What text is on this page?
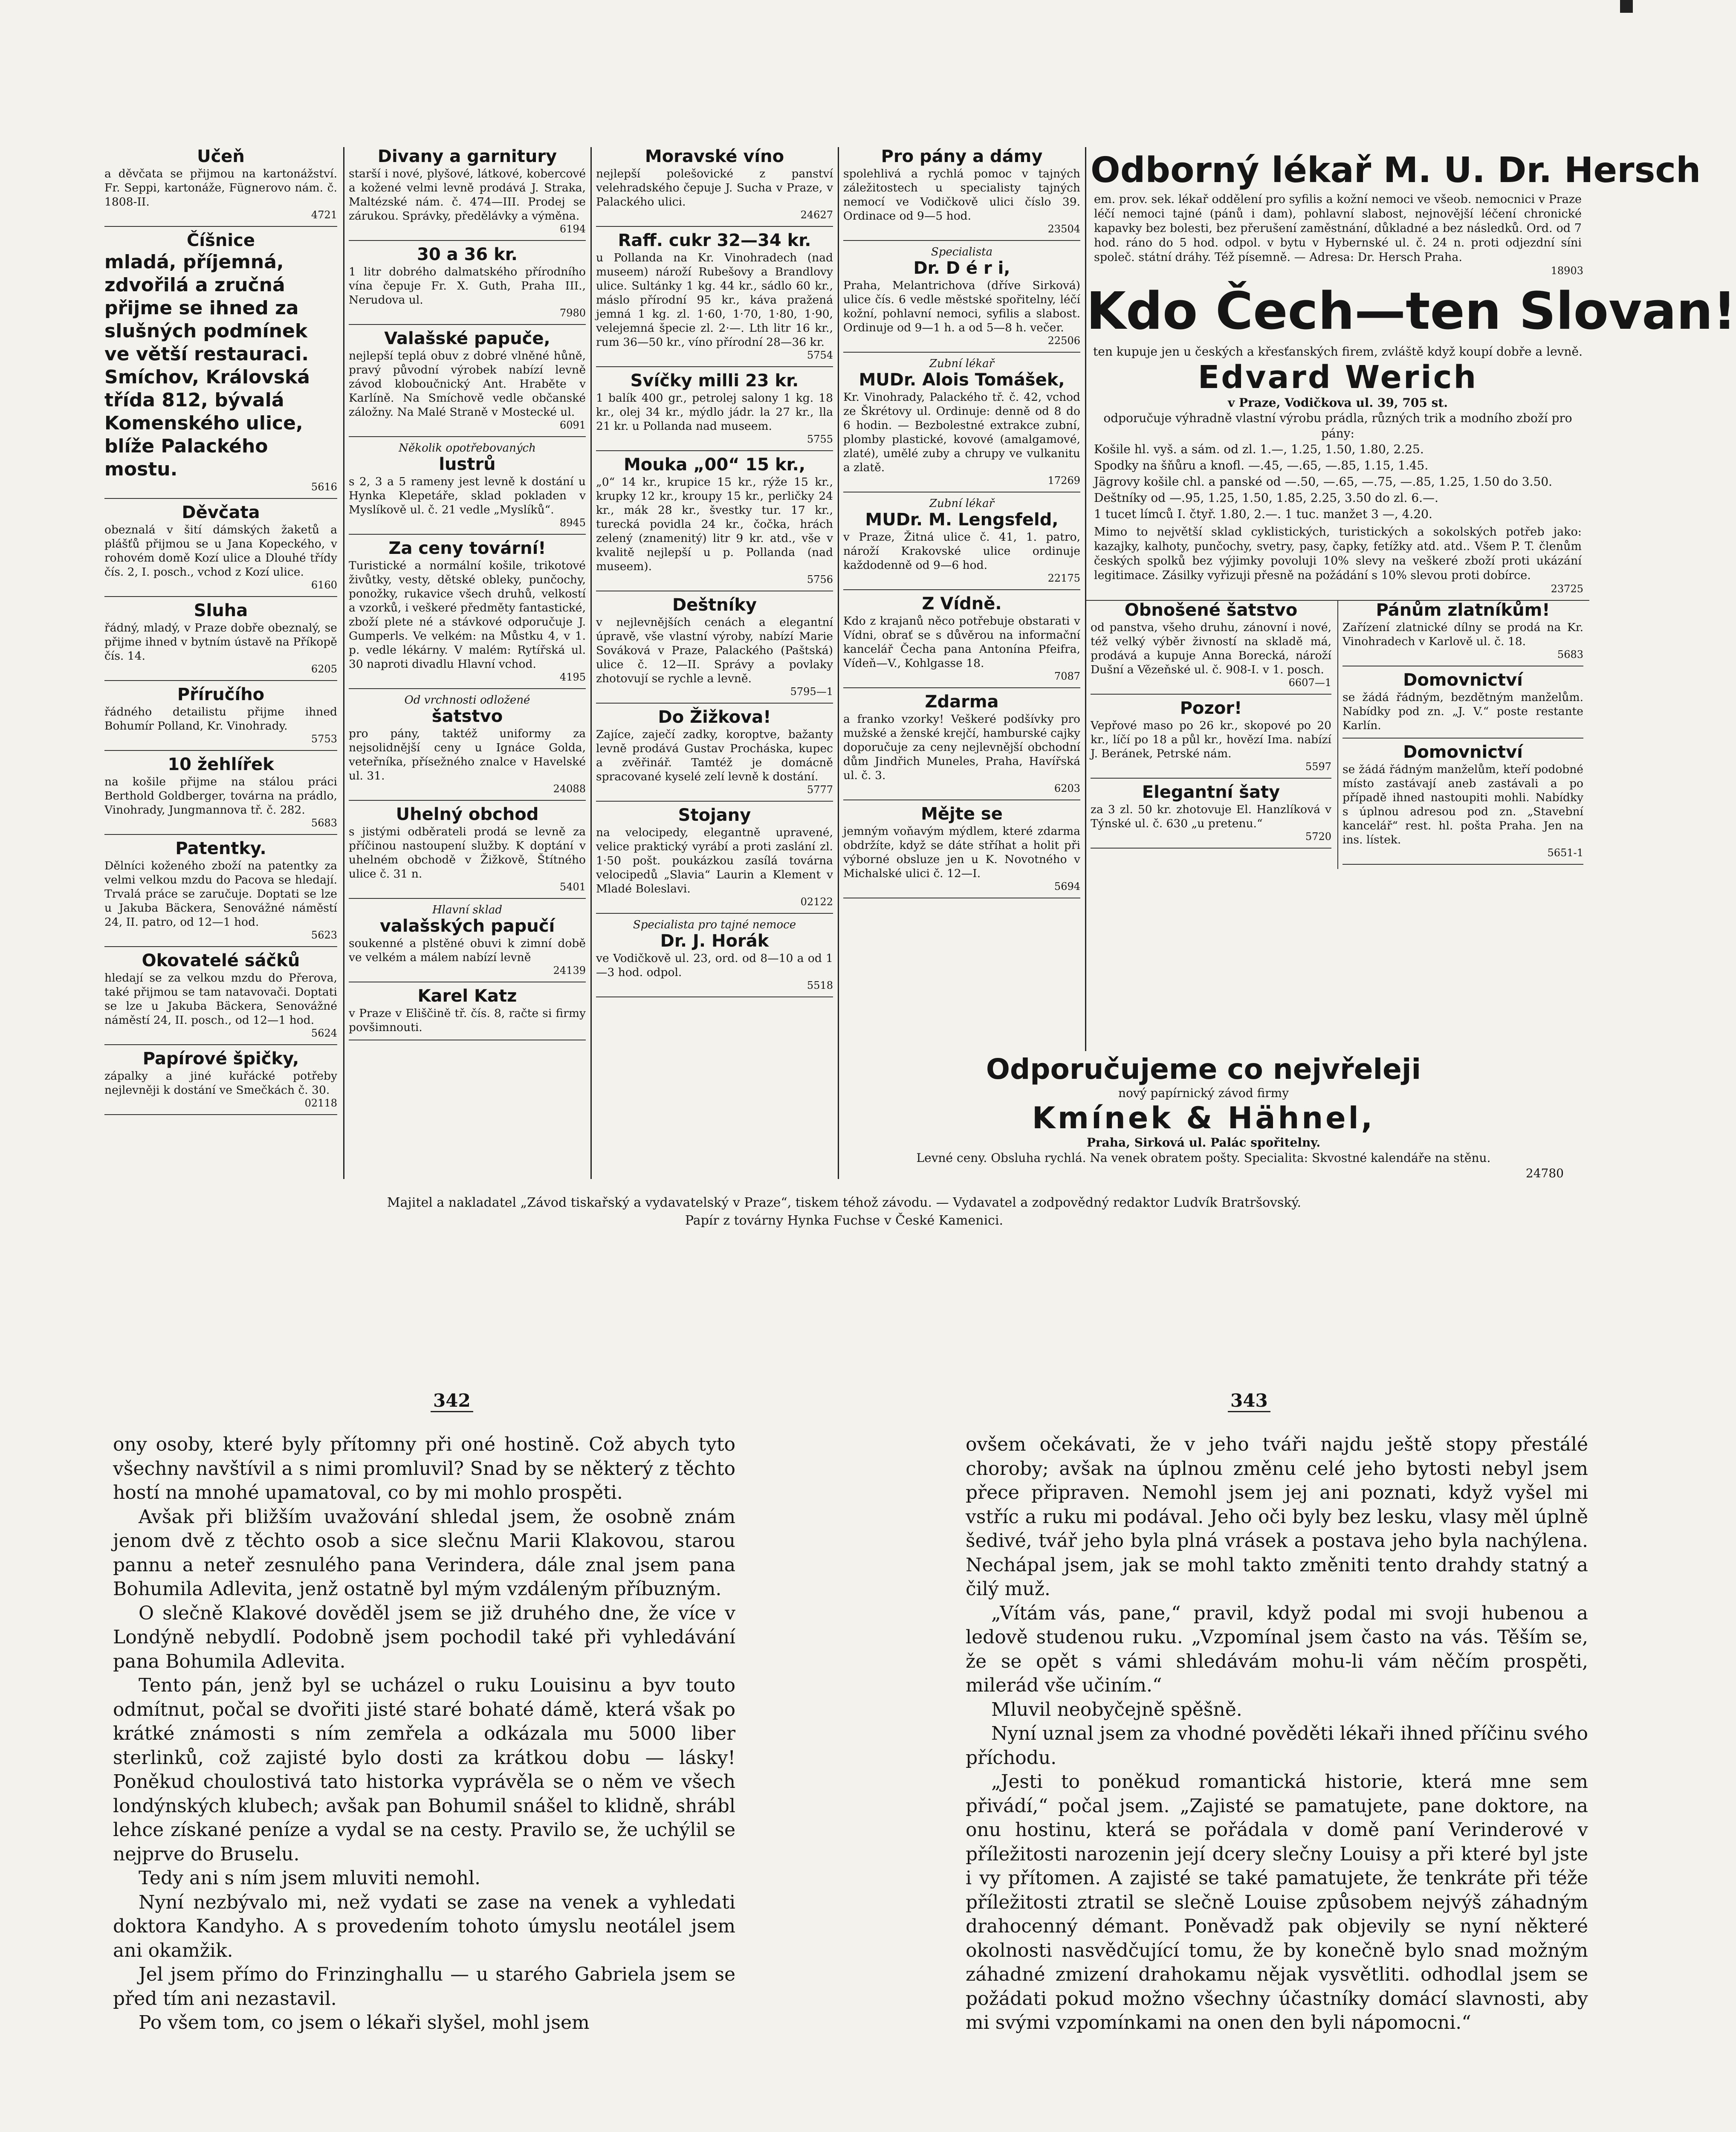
Učeň
a děvčata se přijmou na kartonážství. Fr. Seppi, kartonáže, Fügnerovo nám. č. 1808-II.
4721
Číšnice
mladá, příjemná, zdvořilá a zručná přijme se ihned za slušných podmínek ve větší restauraci. Smíchov, Královská třída 812, bývalá Komenského ulice, blíže Palackého mostu.
5616
Děvčata
obeznalá v šití dámských žaketů a plášťů přijmou se u Jana Kopeckého, v rohovém domě Kozí ulice a Dlouhé třídy čís. 2, I. posch., vchod z Kozí ulice.
6160
Sluha
řádný, mladý, v Praze dobře obeznalý, se přijme ihned v bytním ústavě na Příkopě čís. 14.
6205
Příručího
řádného detailistu přijme ihned Bohumír Polland, Kr. Vinohrady.
5753
10 žehlířek
na košile přijme na stálou práci Berthold Goldberger, továrna na prádlo, Vinohrady, Jungmannova tř. č. 282.
5683
Patentky.
Dělníci koženého zboží na patentky za velmi velkou mzdu do Pacova se hledají. Trvalá práce se zaručuje. Doptati se lze u Jakuba Bäckera, Senovážné náměstí 24, II. patro, od 12—1 hod.
5623
Okovatelé sáčků
hledají se za velkou mzdu do Přerova, také přijmou se tam natavovači. Doptati se lze u Jakuba Bäckera, Senovážné náměstí 24, II. posch., od 12—1 hod.
5624
Papírové špičky,
zápalky a jiné kuřácké potřeby nejlevněji k dostání ve Smečkách č. 30.
02118
Divany a garnitury
starší i nové, plyšové, látkové, kobercové a kožené velmi levně prodává J. Straka, Maltézské nám. č. 474—III. Prodej se zárukou. Správky, předělávky a výměna.
6194
30 a 36 kr.
1 litr dobrého dalmatského přírodního vína čepuje Fr. X. Guth, Praha III., Nerudova ul.
7980
Valašské papuče,
nejlepší teplá obuv z dobré vlněné hůně, pravý původní výrobek nabízí levně závod kloboučnický Ant. Hraběte v Karlíně. Na Smíchově vedle občanské záložny. Na Malé Straně v Mostecké ul.
6091
Několik opotřebovaných
lustrů
s 2, 3 a 5 rameny jest levně k dostání u Hynka Klepetáře, sklad pokladen v Myslíkově ul. č. 21 vedle „Myslíků“.
8945
Za ceny tovární!
Turistické a normální košile, trikotové živůtky, vesty, dětské obleky, punčochy, ponožky, rukavice všech druhů, velkostí a vzorků, i veškeré předměty fantastické, zboží plete né a stávkové odporučuje J. Gumperls. Ve velkém: na Můstku 4, v 1. p. vedle lékárny. V malém: Rytířská ul. 30 naproti divadlu Hlavní vchod.
4195
Od vrchnosti odložené
šatstvo
pro pány, taktéž uniformy za nejsolidnější ceny u Ignáce Golda, veteřníka, přísežného znalce v Havelské ul. 31.
24088
Uhelný obchod
s jistými odběrateli prodá se levně za příčinou nastoupení služby. K doptání v uhelném obchodě v Žižkově, Štítného ulice č. 31 n.
5401
Hlavní sklad
valašských papučí
soukenné a plstěné obuvi k zimní době ve velkém a málem nabízí levně
24139
Karel Katz
v Praze v Eliščině tř. čís. 8, račte si firmy povšimnouti.
Moravské víno
nejlepší polešovické z panství velehradského čepuje J. Sucha v Praze, v Palackého ulici.
24627
Raff. cukr 32—34 kr.
u Pollanda na Kr. Vinohradech (nad museem) nároží Rubešovy a Brandlovy ulice. Sultánky 1 kg. 44 kr., sádlo 60 kr., máslo přírodní 95 kr., káva pražená jemná 1 kg. zl. 1·60, 1·70, 1·80, 1·90, velejemná špecie zl. 2·—. Lth litr 16 kr., rum 36—50 kr., víno přírodní 28—36 kr.
5754
Svíčky milli 23 kr.
1 balík 400 gr., petrolej salony 1 kg. 18 kr., olej 34 kr., mýdlo jádr. la 27 kr., lla 21 kr. u Pollanda nad museem.
5755
Mouka „00“ 15 kr.,
„0“ 14 kr., krupice 15 kr., rýže 15 kr., krupky 12 kr., kroupy 15 kr., perličky 24 kr., mák 28 kr., švestky tur. 17 kr., turecká povidla 24 kr., čočka, hrách zelený (znamenitý) litr 9 kr. atd., vše v kvalitě nejlepší u p. Pollanda (nad museem).
5756
Deštníky
v nejlevnějších cenách a elegantní úpravě, vše vlastní výroby, nabízí Marie Sováková v Praze, Palackého (Paštská) ulice č. 12—II. Správy a povlaky zhotovují se rychle a levně.
5795—1
Do Žižkova!
Zajíce, zaječí zadky, koroptve, bažanty levně prodává Gustav Procháska, kupec a zvěřinář. Tamtéž je domácně spracované kyselé zelí levně k dostání.
5777
Stojany
na velocipedy, elegantně upravené, velice praktický vyrábí a proti zaslání zl. 1·50 pošt. poukázkou zasílá továrna velocipedů „Slavia“ Laurin a Klement v Mladé Boleslavi.
02122
Specialista pro tajné nemoce
Dr. J. Horák
ve Vodičkově ul. 23, ord. od 8—10 a od 1—3 hod. odpol.
5518
Pro pány a dámy
spolehlivá a rychlá pomoc v tajných záležitostech u specialisty tajných nemocí ve Vodičkově ulici číslo 39. Ordinace od 9—5 hod.
23504
Specialista
Dr. D é r i,
Praha, Melantrichova (dříve Sirková) ulice čís. 6 vedle městské spořitelny, léčí kožní, pohlavní nemoci, syfilis a slabost. Ordinuje od 9—1 h. a od 5—8 h. večer.
22506
Zubní lékař
MUDr. Alois Tomášek,
Kr. Vinohrady, Palackého tř. č. 42, vchod ze Škrétovy ul. Ordinuje: denně od 8 do 6 hodin. — Bezbolestné extrakce zubní, plomby plastické, kovové (amalgamové, zlaté), umělé zuby a chrupy ve vulkanitu a zlatě.
17269
Zubní lékař
MUDr. M. Lengsfeld,
v Praze, Žitná ulice č. 41, 1. patro, nároží Krakovské ulice ordinuje každodenně od 9—6 hod.
22175
Z Vídně.
Kdo z krajanů něco potřebuje obstarati v Vídni, obrať se s důvěrou na informační kancelář Čecha pana Antonína Pfeifra, Vídeň—V., Kohlgasse 18.
7087
Zdarma
a franko vzorky! Veškeré podšívky pro mužské a ženské krejčí, hamburské cajky doporučuje za ceny nejlevnější obchodní dům Jindřich Muneles, Praha, Havířská ul. č. 3.
6203
Mějte se
jemným voňavým mýdlem, které zdarma obdržíte, když se dáte stříhat a holit při výborné obsluze jen u K. Novotného v Michalské ulici č. 12—I.
5694
Odborný lékař M. U. Dr. Hersch
em. prov. sek. lékař oddělení pro syfilis a kožní nemoci ve všeob. nemocnici v Praze léčí nemoci tajné (pánů i dam), pohlavní slabost, nejnovější léčení chronické kapavky bez bolesti, bez přerušení zaměstnání, důkladné a bez následků. Ord. od 7 hod. ráno do 5 hod. odpol. v bytu v Hybernské ul. č. 24 n. proti odjezdní síni společ. státní dráhy. Též písemně. — Adresa: Dr. Hersch Praha.
18903
Kdo Čech—ten Slovan!
ten kupuje jen u českých a křesťanských firem, zvláště když koupí dobře a levně.
Edvard Werich
v Praze, Vodičkova ul. 39, 705 st.
odporučuje výhradně vlastní výrobu prádla, různých trik a modního zboží pro pány:
Košile hl. vyš. a sám. od zl. 1.—, 1.25, 1.50, 1.80, 2.25.
Spodky na šňůru a knofl. —.45, —.65, —.85, 1.15, 1.45.
Jägrovy košile chl. a panské od —.50, —.65, —.75, —.85, 1.25, 1.50 do 3.50.
Deštníky od —.95, 1.25, 1.50, 1.85, 2.25, 3.50 do zl. 6.—.
1 tucet límců I. čtyř. 1.80, 2.—. 1 tuc. manžet 3 —, 4.20.
Mimo to největší sklad cyklistických, turistických a sokolských potřeb jako: kazajky, kalhoty, punčochy, svetry, pasy, čapky, fetížky atd. atd.. Všem P. T. členům českých spolků bez výjimky povoluji 10% slevy na veškeré zboží proti ukázání legitimace. Zásilky vyřizuji přesně na požádání s 10% slevou proti dobírce.
23725
Obnošené šatstvo
od panstva, všeho druhu, zánovní i nové, též velký výběr živností na skladě má, prodává a kupuje Anna Borecká, nároží Dušní a Vězeňské ul. č. 908-I. v 1. posch.
6607—1
Pozor!
Vepřové maso po 26 kr., skopové po 20 kr., líčí po 18 a půl kr., hovězí Ima. nabízí J. Beránek, Petrské nám.
5597
Elegantní šaty
za 3 zl. 50 kr. zhotovuje El. Hanzlíková v Týnské ul. č. 630 „u pretenu.“
5720
Pánům zlatníkům!
Zařízení zlatnické dílny se prodá na Kr. Vinohradech v Karlově ul. č. 18.
5683
Domovnictví
se žádá řádným, bezdětným manželům. Nabídky pod zn. „J. V.“ poste restante Karlín.
Domovnictví
se žádá řádným manželům, kteří podobné místo zastávají aneb zastávali a po případě ihned nastoupiti mohli. Nabídky s úplnou adresou pod zn. „Stavební kancelář“ rest. hl. pošta Praha. Jen na ins. lístek.
5651-1
Odporučujeme co nejvřeleji
nový papírnický závod firmy
Kmínek & Hähnel,
Praha, Sirková ul. Palác spořitelny.
Levné ceny. Obsluha rychlá. Na venek obratem pošty. Specialita: Skvostné kalendáře na stěnu.
24780
Majitel a nakladatel „Závod tiskařský a vydavatelský v Praze“, tiskem téhož závodu. — Vydavatel a zodpovědný redaktor Ludvík Bratršovský.
Papír z továrny Hynka Fuchse v České Kamenici.
342	343

ony osoby, které byly přítomny při oné hostině. Což abych tyto všechny navštívil a s nimi promluvil? Snad by se některý z těchto hostí na mnohé upamatoval, co by mi mohlo prospěti.

Avšak při bližším uvažování shledal jsem, že osobně znám jenom dvě z těchto osob a sice slečnu Marii Klakovou, starou pannu a neteř zesnulého pana Verindera, dále znal jsem pana Bohumila Adlevita, jenž ostatně byl mým vzdáleným příbuzným.

O slečně Klakové dověděl jsem se již druhého dne, že více v Londýně nebydlí. Podobně jsem pochodil také při vyhledávání pana Bohumila Adlevita.

Tento pán, jenž byl se ucházel o ruku Louisinu a byv touto odmítnut, počal se dvořiti jisté staré bohaté dámě, která však po krátké známosti s ním zemřela a odkázala mu 5000 liber sterlinků, což zajisté bylo dosti za krátkou dobu — lásky! Poněkud choulostivá tato historka vyprávěla se o něm ve všech londýnských klubech; avšak pan Bohumil snášel to klidně, shrábl lehce získané peníze a vydal se na cesty. Pravilo se, že uchýlil se nejprve do Bruselu.

Tedy ani s ním jsem mluviti nemohl.

Nyní nezbývalo mi, než vydati se zase na venek a vyhledati doktora Kandyho. A s provedením tohoto úmyslu neotálel jsem ani okamžik.

Jel jsem přímo do Frinzinghallu — u starého Gabriela jsem se před tím ani nezastavil.

Po všem tom, co jsem o lékaři slyšel, mohl jsem

ovšem očekávati, že v jeho tváři najdu ještě stopy přestálé choroby; avšak na úplnou změnu celé jeho bytosti nebyl jsem přece připraven. Nemohl jsem jej ani poznati, když vyšel mi vstříc a ruku mi podával. Jeho oči byly bez lesku, vlasy měl úplně šedivé, tvář jeho byla plná vrásek a postava jeho byla nachýlena. Nechápal jsem, jak se mohl takto změniti tento drahdy statný a čilý muž.

„Vítám vás, pane,“ pravil, když podal mi svoji hubenou a ledově studenou ruku. „Vzpomínal jsem často na vás. Těším se, že se opět s vámi shledávám mohu-li vám něčím prospěti, milerád vše učiním.“

Mluvil neobyčejně spěšně.

Nyní uznal jsem za vhodné pověděti lékaři ihned příčinu svého příchodu.

„Jesti to poněkud romantická historie, která mne sem přivádí,“ počal jsem. „Zajisté se pamatujete, pane doktore, na onu hostinu, která se pořádala v domě paní Verinderové v příležitosti narozenin její dcery slečny Louisy a při které byl jste i vy přítomen. A zajisté se také pamatujete, že tenkráte při téže příležitosti ztratil se slečně Louise způsobem nejvýš záhadným drahocenný démant. Poněvadž pak objevily se nyní některé okolnosti nasvědčující tomu, že by konečně bylo snad možným záhadné zmizení drahokamu nějak vysvětliti. odhodlal jsem se požádati pokud možno všechny účastníky domácí slavnosti, aby mi svými vzpomínkami na onen den byli nápomocni.“
